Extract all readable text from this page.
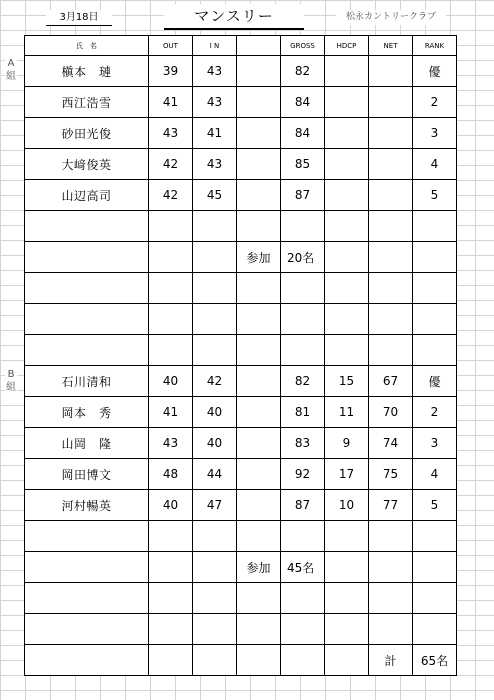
3月18日	マンスリー	松永カントリークラブ
A組
B組
氏　名	OUT	I N		GROSS	HDCP	NET	RANK
槇本　璉	39	43		82			優
西江浩雪	41	43		84			2
砂田光俊	43	41		84			3
大﨑俊英	42	43		85			4
山辺高司	42	45		87			5

			参加	20名			

石川清和	40	42		82	15	67	優
岡本　秀	41	40		81	11	70	2
山岡　隆	43	40		83	9	74	3
岡田博文	48	44		92	17	75	4
河村暢英	40	47		87	10	77	5

			参加	45名			

						計	65名
